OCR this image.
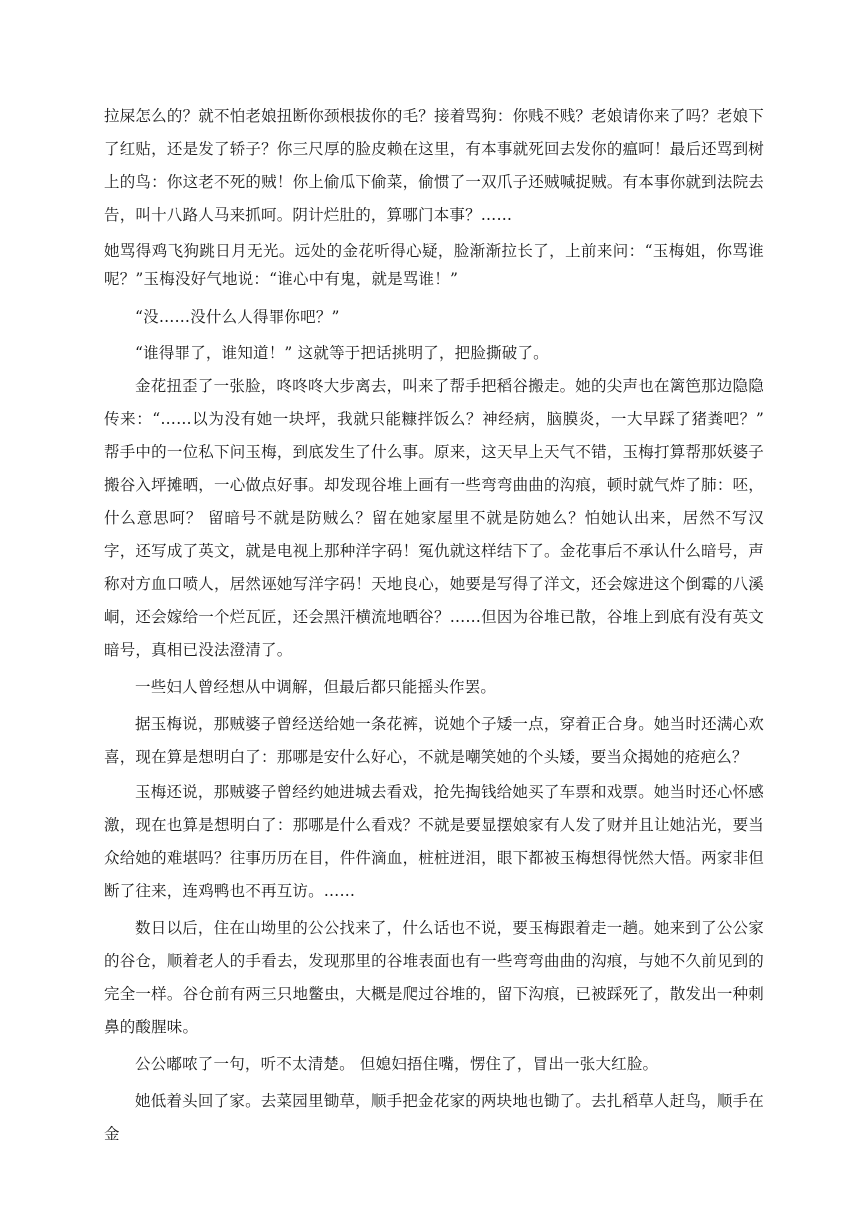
拉屎怎么的？就不怕老娘扭断你颈根拔你的毛？接着骂狗：你贱不贱？老娘请你来了吗？老娘下了红贴，还是发了轿子？你三尺厚的脸皮赖在这里，有本事就死回去发你的瘟呵！最后还骂到树上的鸟：你这老不死的贼！你上偷瓜下偷菜，偷惯了一双爪子还贼喊捉贼。有本事你就到法院去告，叫十八路人马来抓呵。阴计烂肚的，算哪门本事？……

她骂得鸡飞狗跳日月无光。远处的金花听得心疑，脸渐渐拉长了，上前来问：“玉梅姐，你骂谁呢？”玉梅没好气地说：“谁心中有鬼，就是骂谁！”

“没……没什么人得罪你吧？”

“谁得罪了，谁知道！” 这就等于把话挑明了，把脸撕破了。

金花扭歪了一张脸，咚咚咚大步离去，叫来了帮手把稻谷搬走。她的尖声也在篱笆那边隐隐传来：“……以为没有她一块坪，我就只能糠拌饭么？神经病，脑膜炎，一大早踩了猪粪吧？” 帮手中的一位私下问玉梅，到底发生了什么事。原来，这天早上天气不错，玉梅打算帮那妖婆子搬谷入坪摊晒，一心做点好事。却发现谷堆上画有一些弯弯曲曲的沟痕，顿时就气炸了肺：呸，什么意思呵？ 留暗号不就是防贼么？留在她家屋里不就是防她么？怕她认出来，居然不写汉字，还写成了英文，就是电视上那种洋字码！冤仇就这样结下了。金花事后不承认什么暗号，声称对方血口喷人，居然诬她写洋字码！天地良心，她要是写得了洋文，还会嫁进这个倒霉的八溪峒，还会嫁给一个烂瓦匠，还会黑汗横流地晒谷？……但因为谷堆已散，谷堆上到底有没有英文暗号，真相已没法澄清了。

一些妇人曾经想从中调解，但最后都只能摇头作罢。

据玉梅说，那贼婆子曾经送给她一条花裤，说她个子矮一点，穿着正合身。她当时还满心欢喜，现在算是想明白了：那哪是安什么好心，不就是嘲笑她的个头矮，要当众揭她的疮疤么？

玉梅还说，那贼婆子曾经约她进城去看戏，抢先掏钱给她买了车票和戏票。她当时还心怀感激，现在也算是想明白了：那哪是什么看戏？不就是要显摆娘家有人发了财并且让她沾光，要当众给她的难堪吗？往事历历在目，件件滴血，桩桩迸泪，眼下都被玉梅想得恍然大悟。两家非但断了往来，连鸡鸭也不再互访。……

数日以后，住在山坳里的公公找来了，什么话也不说，要玉梅跟着走一趟。她来到了公公家的谷仓，顺着老人的手看去，发现那里的谷堆表面也有一些弯弯曲曲的沟痕，与她不久前见到的完全一样。谷仓前有两三只地鳖虫，大概是爬过谷堆的，留下沟痕，已被踩死了，散发出一种刺鼻的酸腥味。

公公嘟哝了一句，听不太清楚。 但媳妇捂住嘴，愣住了，冒出一张大红脸。

她低着头回了家。去菜园里锄草，顺手把金花家的两块地也锄了。去扎稻草人赶鸟，顺手在金
